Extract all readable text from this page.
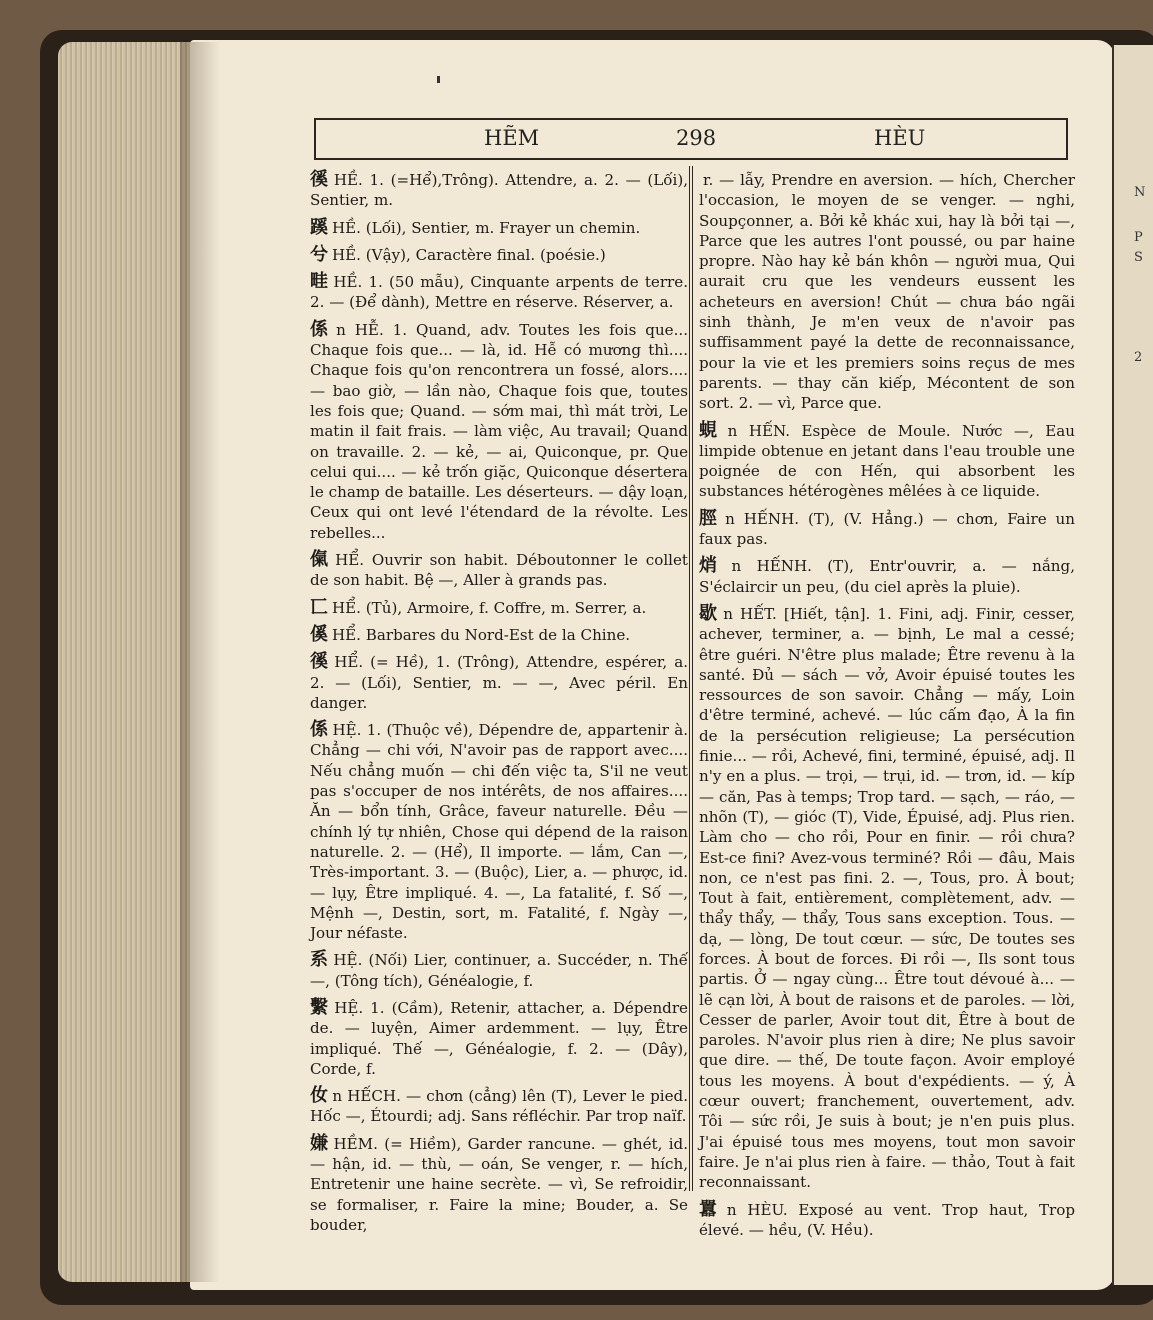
N
P
S
2
HẼM	298	HÈU
徯 HỀ. 1. (=Hể),Trông). Attendre, a. 2. — (Lối), Sentier, m.
蹊 HỀ. (Lối), Sentier, m. Frayer un chemin.
兮 HỀ. (Vậy), Caractère final. (poésie.)
畦 HỀ. 1. (50 mẫu), Cinquante arpents de terre. 2. — (Để dành), Mettre en réserve. Réserver, a.
係 n HỄ. 1. Quand, adv. Toutes les fois que... Chaque fois que... — là, id. Hễ có mương thì.... Chaque fois qu'on rencontrera un fossé, alors.... — bao giờ, — lần nào, Chaque fois que, toutes les fois que; Quand. — sớm mai, thì mát trời, Le matin il fait frais. — làm việc, Au travail; Quand on travaille. 2. — kẻ, — ai, Quiconque, pr. Que celui qui.... — kẻ trốn giặc, Quiconque désertera le champ de bataille. Les déserteurs. — dậy loạn, Ceux qui ont levé l'étendard de la révolte. Les rebelles...
㑶 HỂ. Ouvrir son habit. Déboutonner le collet de son habit. Bệ —, Aller à grands pas.
匸 HỂ. (Tủ), Armoire, f. Coffre, m. Serrer, a.
傒 HỂ. Barbares du Nord-Est de la Chine.
徯 HỂ. (= Hề), 1. (Trông), Attendre, espérer, a. 2. — (Lối), Sentier, m. — —, Avec péril. En danger.
係 HỆ. 1. (Thuộc về), Dépendre de, appartenir à. Chẳng — chi với, N'avoir pas de rapport avec.... Nếu chẳng muốn — chi đến việc ta, S'il ne veut pas s'occuper de nos intérêts, de nos affaires.... Ăn — bổn tính, Grâce, faveur naturelle. Đều — chính lý tự nhiên, Chose qui dépend de la raison naturelle. 2. — (Hể), Il importe. — lắm, Can —, Très-important. 3. — (Buộc), Lier, a. — phược, id. — lụy, Être impliqué. 4. —, La fatalité, f. Số —, Mệnh —, Destin, sort, m. Fatalité, f. Ngày —, Jour néfaste.
系 HỆ. (Nối) Lier, continuer, a. Succéder, n. Thế —, (Tông tích), Généalogie, f.
繫 HỆ. 1. (Cầm), Retenir, attacher, a. Dépendre de. — luyện, Aimer ardemment. — lụy, Être impliqué. Thế —, Généalogie, f. 2. — (Dây), Corde, f.
㚢 n HẾCH. — chơn (cẳng) lên (T), Lever le pied. Hốc —, Étourdi; adj. Sans réfléchir. Par trop naïf.
嫌 HỀM. (= Hiềm), Garder rancune. — ghét, id. — hận, id. — thù, — oán, Se venger, r. — hích, Entretenir une haine secrète. — vì, Se refroidir, se formaliser, r. Faire la mine; Bouder, a. Se bouder,
r. — lẫy, Prendre en aversion. — hích, Chercher l'occasion, le moyen de se venger. — nghi, Soupçonner, a. Bởi kẻ khác xui, hay là bởi tại —, Parce que les autres l'ont poussé, ou par haine propre. Nào hay kẻ bán khôn — người mua, Qui aurait cru que les vendeurs eussent les acheteurs en aversion! Chút — chưa báo ngãi sinh thành, Je m'en veux de n'avoir pas suffisamment payé la dette de reconnaissance, pour la vie et les premiers soins reçus de mes parents. — thay căn kiếp, Mécontent de son sort. 2. — vì, Parce que.
蜆 n HẾN. Espèce de Moule. Nước —, Eau limpide obtenue en jetant dans l'eau trouble une poignée de con Hến, qui absorbent les substances hétérogènes mêlées à ce liquide.
脛 n HẾNH. (T), (V. Hẳng.) — chơn, Faire un faux pas.
焇 n HẾNH. (T), Entr'ouvrir, a. — nắng, S'éclaircir un peu, (du ciel après la pluie).
歇 n HẾT. [Hiết, tận]. 1. Fini, adj. Finir, cesser, achever, terminer, a. — bịnh, Le mal a cessé; être guéri. N'être plus malade; Être revenu à la santé. Đủ — sách — vở, Avoir épuisé toutes les ressources de son savoir. Chẳng — mấy, Loin d'être terminé, achevé. — lúc cấm đạo, À la fin de la persécution religieuse; La persécution finie... — rồi, Achevé, fini, terminé, épuisé, adj. Il n'y en a plus. — trọi, — trụi, id. — trơn, id. — kíp — căn, Pas à temps; Trop tard. — sạch, — ráo, — nhõn (T), — gióc (T), Vide, Épuisé, adj. Plus rien. Làm cho — cho rồi, Pour en finir. — rồi chưa? Est-ce fini? Avez-vous terminé? Rồi — đâu, Mais non, ce n'est pas fini. 2. —, Tous, pro. À bout; Tout à fait, entièrement, complètement, adv. — thẩy thẩy, — thẩy, Tous sans exception. Tous. — dạ, — lòng, De tout cœur. — sức, De toutes ses forces. À bout de forces. Đi rồi —, Ils sont tous partis. Ở — ngay cùng... Être tout dévoué à... — lẽ cạn lời, À bout de raisons et de paroles. — lời, Cesser de parler, Avoir tout dit, Être à bout de paroles. N'avoir plus rien à dire; Ne plus savoir que dire. — thế, De toute façon. Avoir employé tous les moyens. À bout d'expédients. — ý, À cœur ouvert; franchement, ouvertement, adv. Tôi — sức rồi, Je suis à bout; je n'en puis plus. J'ai épuisé tous mes moyens, tout mon savoir faire. Je n'ai plus rien à faire. — thảo, Tout à fait reconnaissant.
囂 n HÈU. Exposé au vent. Trop haut, Trop élevé. — hều, (V. Hều).
